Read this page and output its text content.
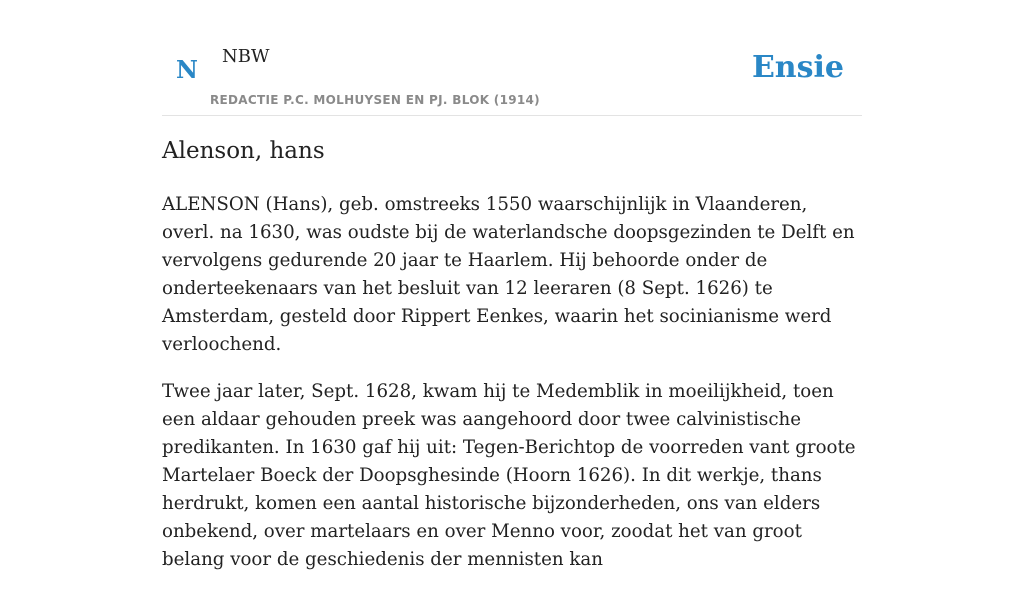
N NBW
REDACTIE P.C. MOLHUYSEN EN PJ. BLOK (1914)
Ensie
Alenson, hans

ALENSON (Hans), geb. omstreeks 1550 waarschijnlijk in Vlaanderen, overl. na 1630, was oudste bij de waterlandsche doopsgezinden te Delft en vervolgens gedurende 20 jaar te Haarlem. Hij behoorde onder de onderteekenaars van het besluit van 12 leeraren (8 Sept. 1626) te Amsterdam, gesteld door Rippert Eenkes, waarin het socinianisme werd verloochend.

Twee jaar later, Sept. 1628, kwam hij te Medemblik in moeilijkheid, toen een aldaar gehouden preek was aangehoord door twee calvinistische predikanten. In 1630 gaf hij uit: Tegen-Berichtop de voorreden vant groote Martelaer Boeck der Doopsghesinde (Hoorn 1626). In dit werkje, thans herdrukt, komen een aantal historische bijzonderheden, ons van elders onbekend, over martelaars en over Menno voor, zoodat het van groot belang voor de geschiedenis der mennisten kan
